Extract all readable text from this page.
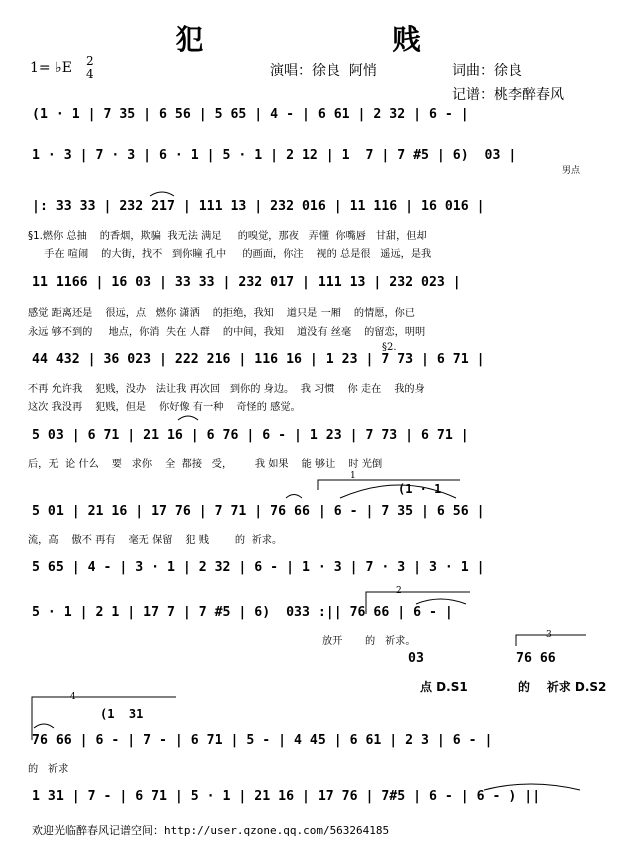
犯    贱
1= ♭E 2
4	演唱：徐良  阿悄	词曲：徐良
记谱：桃李醉春风
(1 · 1 | 7 35 | 6 56 | 5 65 | 4 - | 6 61 | 2 32 | 6 - |
1 · 3 | 7 · 3 | 6 · 1 | 5 · 1 | 2 12 | 1  7 | 7 #5 | 6)  03 |
男点
|: 33 33 | 232 217 | 111 13 | 232 016 | 11 116 | 16 016 |
§1.燃你 总抽    的香烟，欺骗  我无法 满足     的嗅觉，那夜   弄懂  你嘴唇   甘甜，但却
手在 喧闹    的大街，找不   到你瞳 孔中     的画面，你注    视的 总是很   遥远，是我
11 1166 | 16 03 | 33 33 | 232 017 | 111 13 | 232 023 |
感觉 距离还是    很远，点   燃你 潇洒    的拒绝，我知    道只是 一厢    的情愿，你已
永远 够不到的     地点，你消  失在 人群    的中间，我知    道没有 丝毫    的留恋，明明
§2.
44 432 | 36 023 | 222 216 | 116 16 | 1 23 | 7 73 | 6 71 |
不再 允许我    犯贱，没办   法让我 再次回   到你的 身边。  我 习惯    你 走在    我的身
这次 我没再    犯贱，但是    你好像 有一种    奇怪的 感觉。
5 03 | 6 71 | 21 16 | 6 76 | 6 - | 1 23 | 7 73 | 6 71 |
后，无  论 什么    要   求你    全  都接   受，       我 如果    能 够让    时 光倒
1
(1 · 1
5 01 | 21 16 | 17 76 | 7 71 | 76 66 | 6 - | 7 35 | 6 56 |
流，高    傲不 再有    毫无 保留    犯 贱        的  祈求。
5 65 | 4 - | 3 · 1 | 2 32 | 6 - | 1 · 3 | 7 · 3 | 3 · 1 |
2
5 · 1 | 2 1 | 17 7 | 7 #5 | 6)  033 :|| 76 66 | 6 - |
放开       的   祈求。
3
03
点 D.S1
76 66
的    祈求 D.S2
4
(1  31
76 66 | 6 - | 7 - | 6 71 | 5 - | 4 45 | 6 61 | 2 3 | 6 - |
的   祈求
1 31 | 7 - | 6 71 | 5 · 1 | 21 16 | 17 76 | 7#5 | 6 - | 6 - ) ||
欢迎光临醉春风记谱空间：http://user.qzone.qq.com/563264185
